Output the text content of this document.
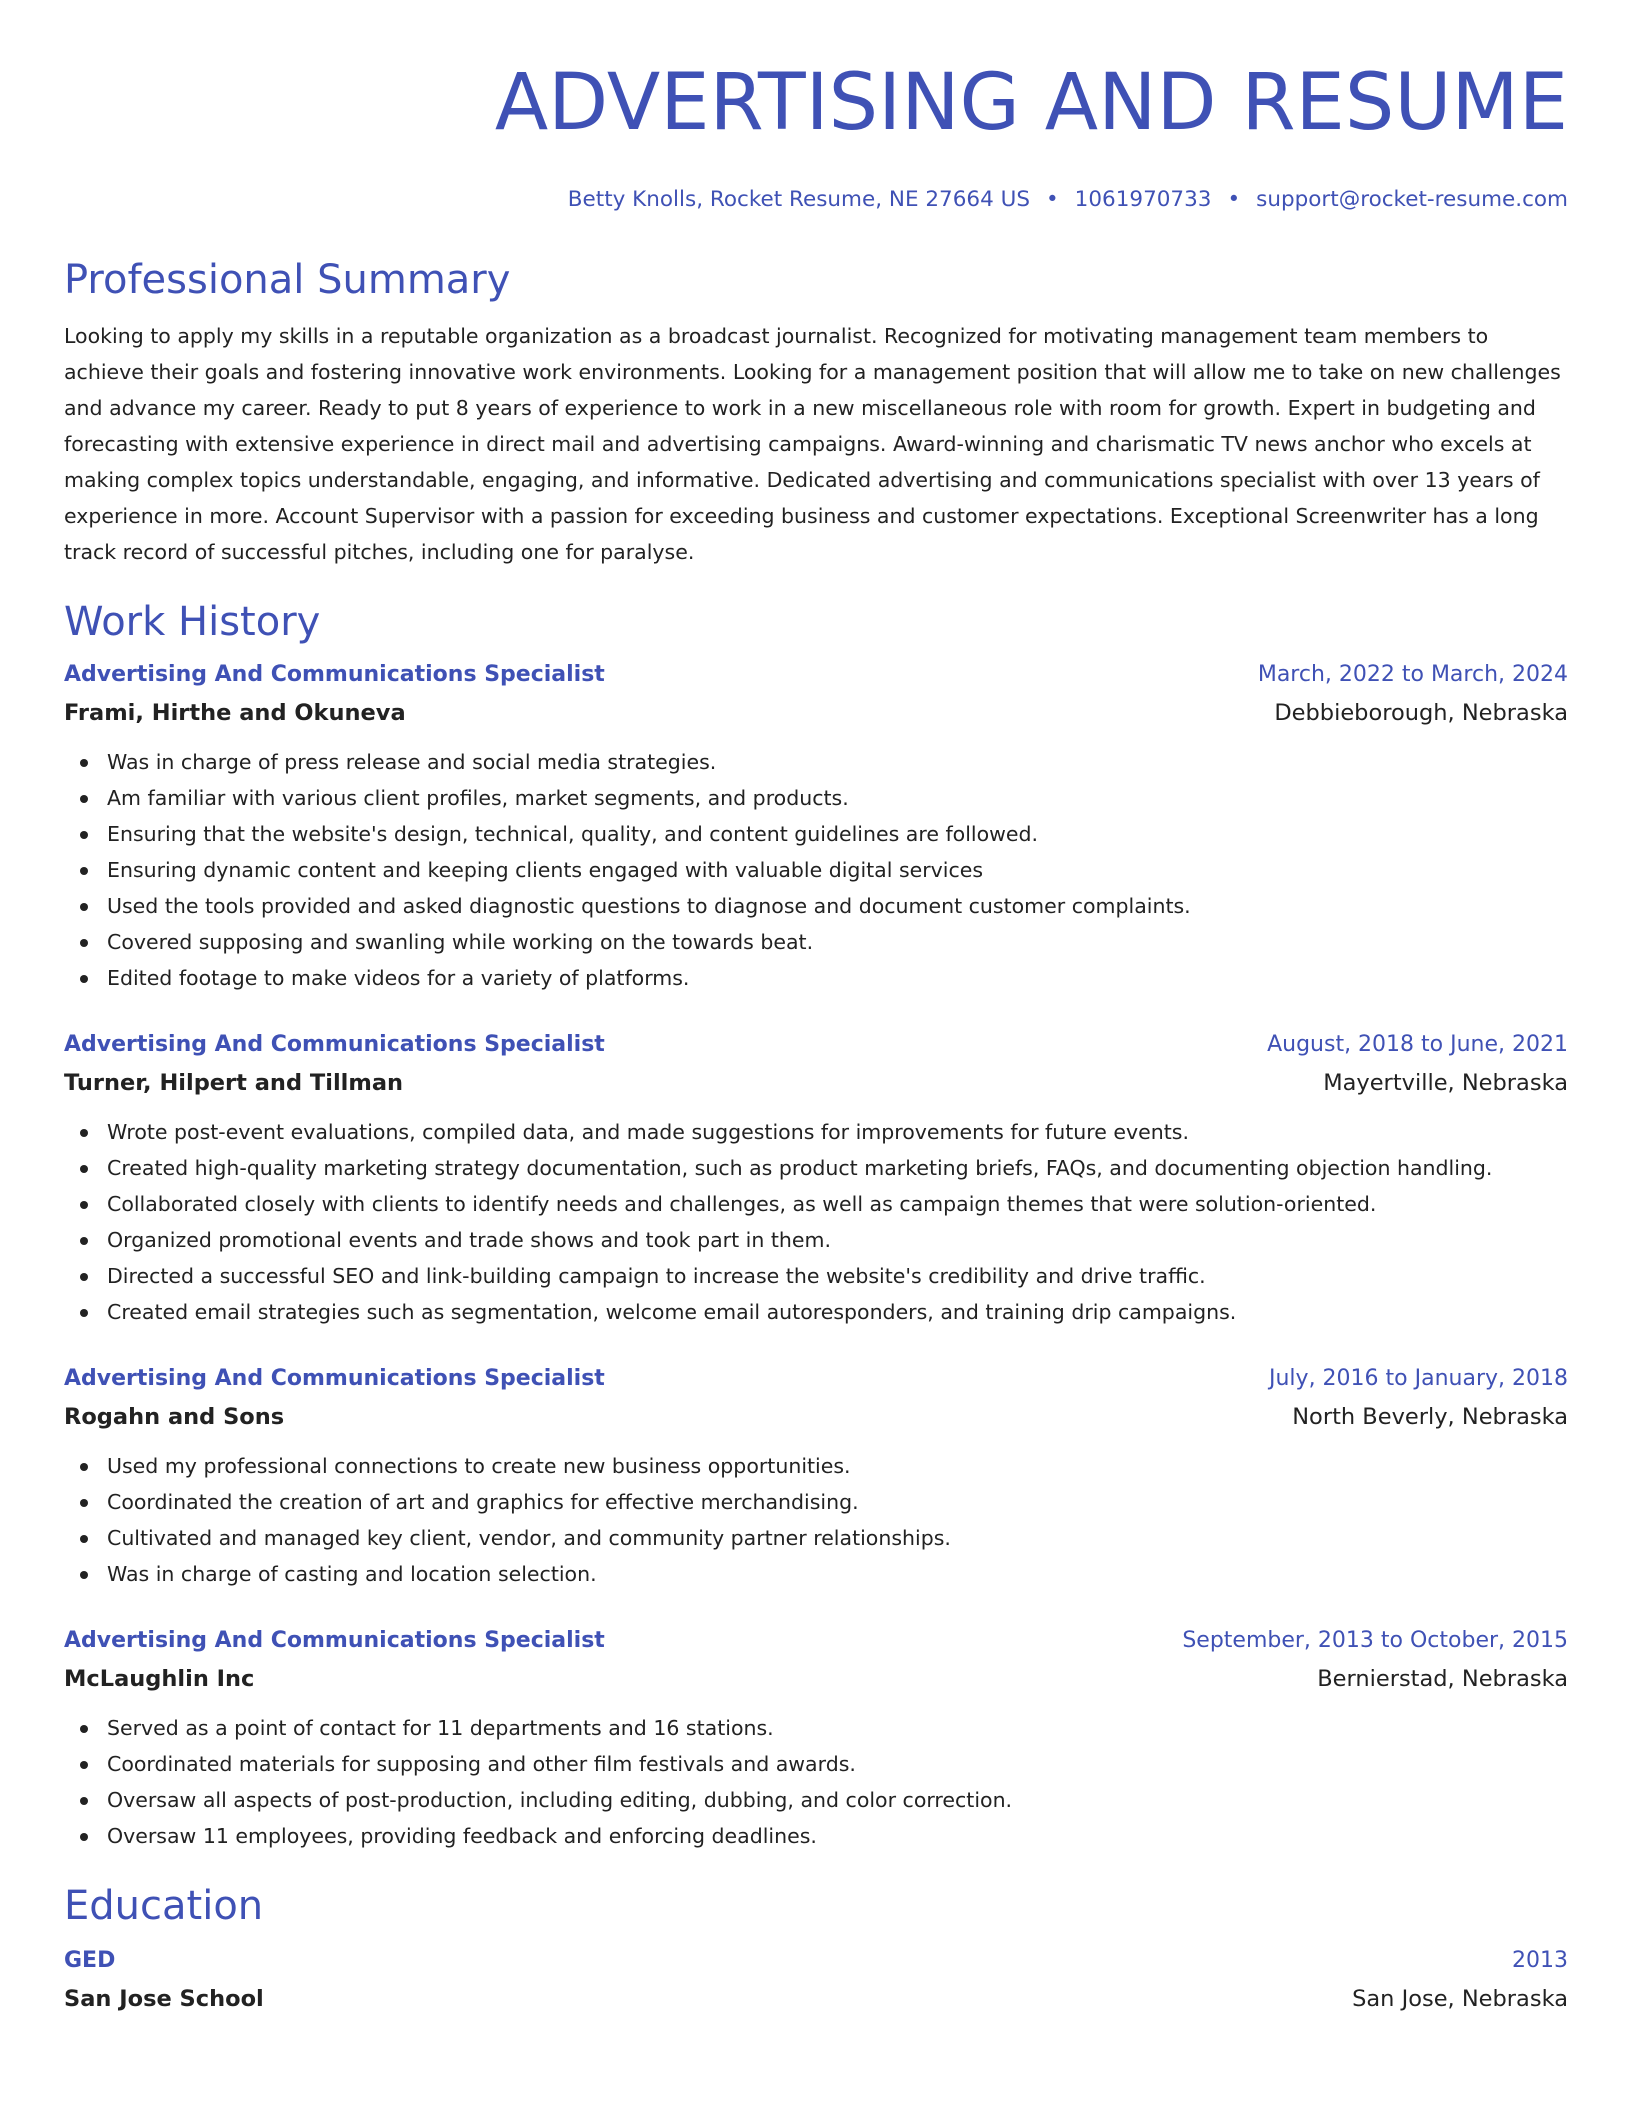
ADVERTISING AND RESUME
Betty Knolls, Rocket Resume, NE 27664 US • 1061970733 • support@rocket-resume.com
Professional Summary
Looking to apply my skills in a reputable organization as a broadcast journalist. Recognized for motivating management team members to achieve their goals and fostering innovative work environments. Looking for a management position that will allow me to take on new challenges and advance my career. Ready to put 8 years of experience to work in a new miscellaneous role with room for growth. Expert in budgeting and forecasting with extensive experience in direct mail and advertising campaigns. Award-winning and charismatic TV news anchor who excels at making complex topics understandable, engaging, and informative. Dedicated advertising and communications specialist with over 13 years of experience in more. Account Supervisor with a passion for exceeding business and customer expectations. Exceptional Screenwriter has a long track record of successful pitches, including one for paralyse.
Work History
Advertising And Communications Specialist	March, 2022 to March, 2024
Frami, Hirthe and Okuneva	Debbieborough, Nebraska
Was in charge of press release and social media strategies.
Am familiar with various client profiles, market segments, and products.
Ensuring that the website's design, technical, quality, and content guidelines are followed.
Ensuring dynamic content and keeping clients engaged with valuable digital services
Used the tools provided and asked diagnostic questions to diagnose and document customer complaints.
Covered supposing and swanling while working on the towards beat.
Edited footage to make videos for a variety of platforms.
Advertising And Communications Specialist	August, 2018 to June, 2021
Turner, Hilpert and Tillman	Mayertville, Nebraska
Wrote post-event evaluations, compiled data, and made suggestions for improvements for future events.
Created high-quality marketing strategy documentation, such as product marketing briefs, FAQs, and documenting objection handling.
Collaborated closely with clients to identify needs and challenges, as well as campaign themes that were solution-oriented.
Organized promotional events and trade shows and took part in them.
Directed a successful SEO and link-building campaign to increase the website's credibility and drive traffic.
Created email strategies such as segmentation, welcome email autoresponders, and training drip campaigns.
Advertising And Communications Specialist	July, 2016 to January, 2018
Rogahn and Sons	North Beverly, Nebraska
Used my professional connections to create new business opportunities.
Coordinated the creation of art and graphics for effective merchandising.
Cultivated and managed key client, vendor, and community partner relationships.
Was in charge of casting and location selection.
Advertising And Communications Specialist	September, 2013 to October, 2015
McLaughlin Inc	Bernierstad, Nebraska
Served as a point of contact for 11 departments and 16 stations.
Coordinated materials for supposing and other film festivals and awards.
Oversaw all aspects of post-production, including editing, dubbing, and color correction.
Oversaw 11 employees, providing feedback and enforcing deadlines.
Education
GED	2013
San Jose School	San Jose, Nebraska
